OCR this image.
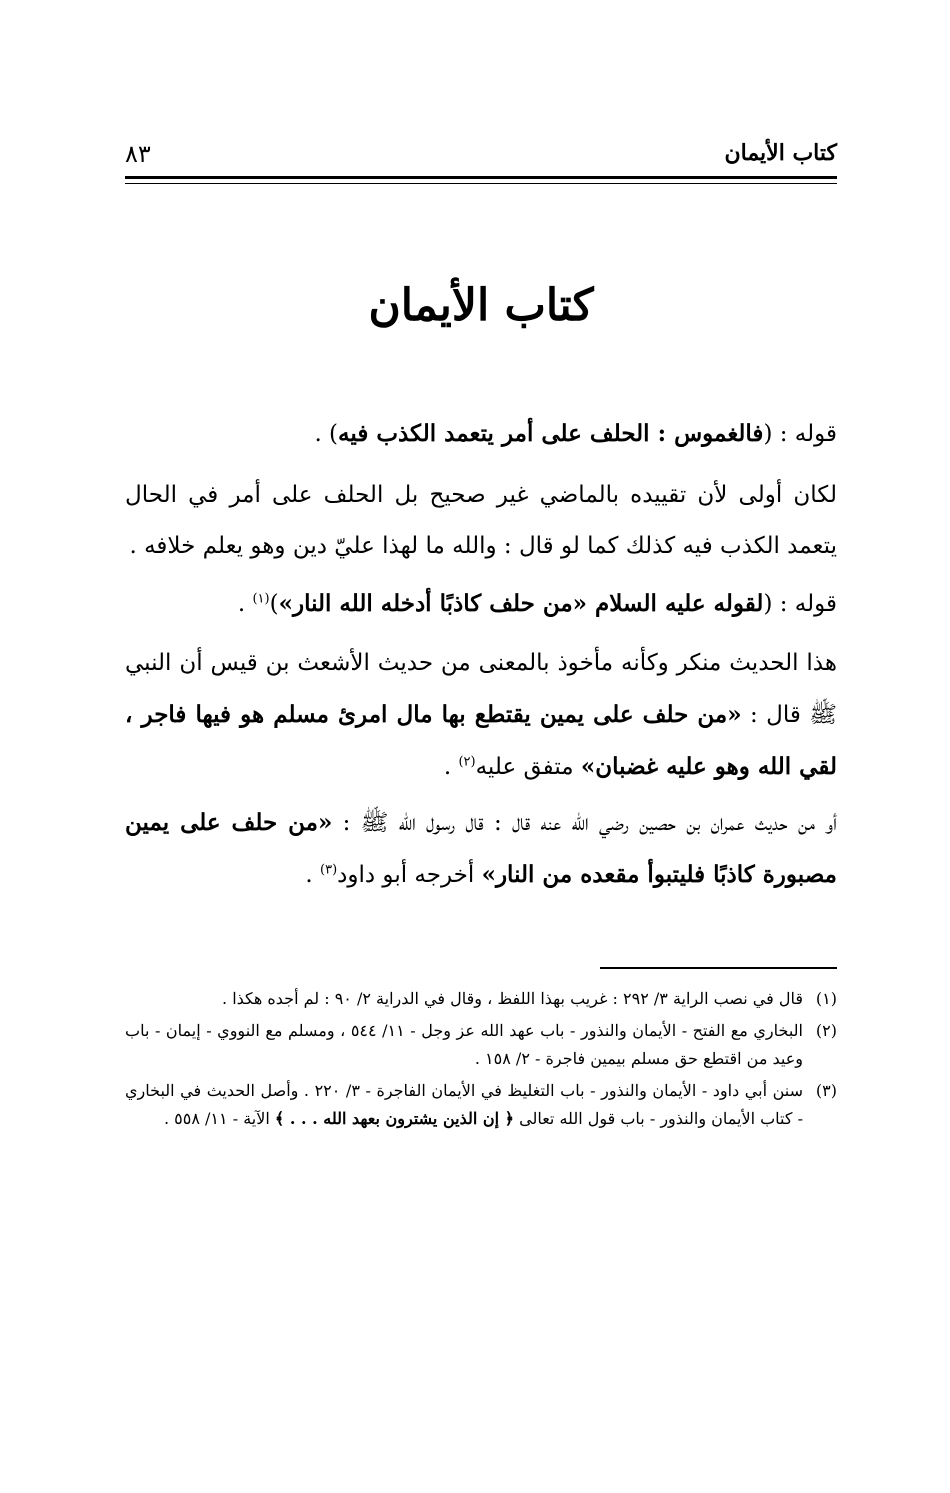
كتاب الأيمان
٨٣
كتاب الأيمان

قوله : (فالغموس : الحلف على أمر يتعمد الكذب فيه) .

لكان أولى لأن تقييده بالماضي غير صحيح بل الحلف على أمر في الحال يتعمد الكذب فيه كذلك كما لو قال : والله ما لهذا عليّ دين وهو يعلم خلافه .

قوله : (لقوله عليه السلام «من حلف كاذبًا أدخله الله النار»)$^{(١)}$ .

هذا الحديث منكر وكأنه مأخوذ بالمعنى من حديث الأشعث بن قيس أن النبي ﷺ قال : «من حلف على يمين يقتطع بها مال امرئ مسلم هو فيها فاجر ، لقي الله وهو عليه غضبان» متفق عليه$^{(٢)}$ .

أو من حديث عمران بن حصين رضي الله عنه قال : قال رسول الله ﷺ : «من حلف على يمين مصبورة كاذبًا فليتبوأ مقعده من النار» أخرجه أبو داود$^{(٣)}$ .

(١)
قال في نصب الراية ٣/ ٢٩٢ : غريب بهذا اللفظ ، وقال في الدراية ٢/ ٩٠ : لم أجده هكذا .
(٢)
البخاري مع الفتح - الأيمان والنذور - باب عهد الله عز وجل - ١١/ ٥٤٤ ، ومسلم مع النووي - إيمان - باب وعيد من اقتطع حق مسلم بيمين فاجرة - ٢/ ١٥٨ .
(٣)
سنن أبي داود - الأيمان والنذور - باب التغليظ في الأيمان الفاجرة - ٣/ ٢٢٠ . وأصل الحديث في البخاري - كتاب الأيمان والنذور - باب قول الله تعالى ﴿ إن الذين يشترون بعهد الله . . . ﴾ الآية - ١١/ ٥٥٨ .
